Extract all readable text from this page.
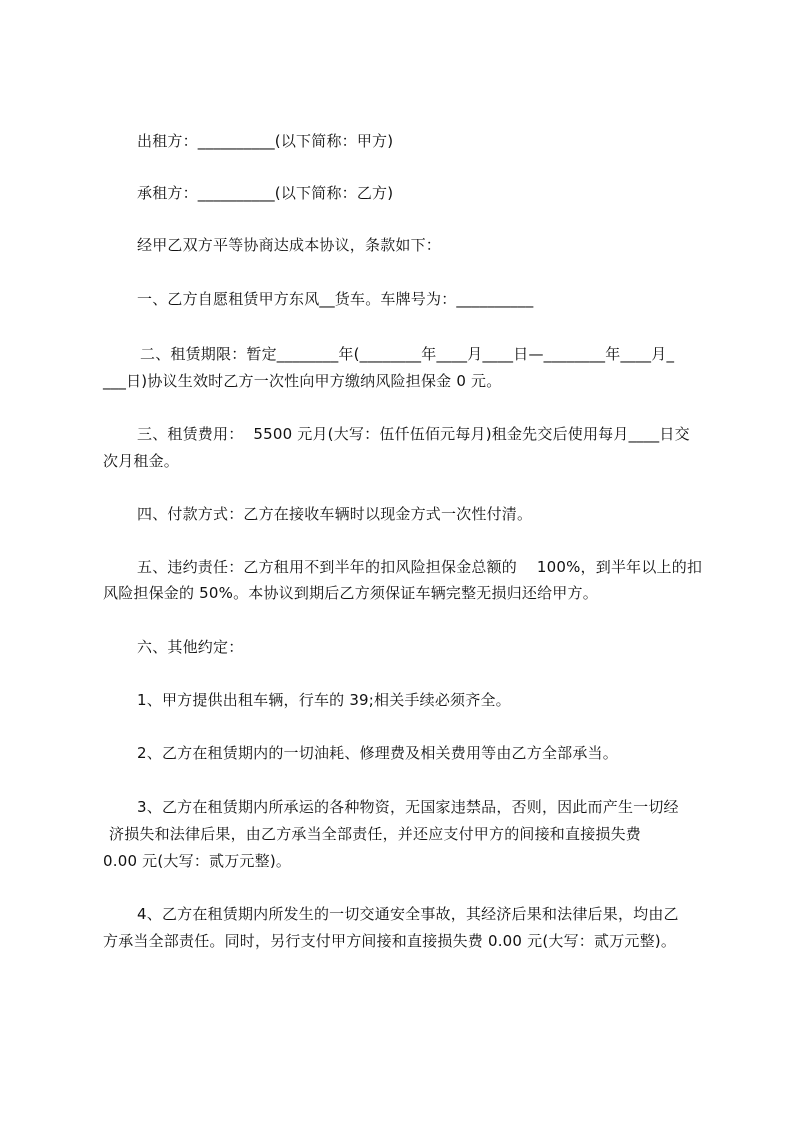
出租方：__________(以下简称：甲方)

承租方：__________(以下简称：乙方)

经甲乙双方平等协商达成本协议，条款如下：

一、乙方自愿租赁甲方东风__货车。车牌号为：__________

二、租赁期限：暂定________年(________年____月____日—________年____月_

___日)协议生效时乙方一次性向甲方缴纳风险担保金 0 元。

三、租赁费用：  5500 元月(大写：伍仟伍佰元每月)租金先交后使用每月____日交

次月租金。

四、付款方式：乙方在接收车辆时以现金方式一次性付清。

五、违约责任：乙方租用不到半年的扣风险担保金总额的    100%，到半年以上的扣

风险担保金的 50%。本协议到期后乙方须保证车辆完整无损归还给甲方。

六、其他约定：

1、甲方提供出租车辆，行车的 39;相关手续必须齐全。

2、乙方在租赁期内的一切油耗、修理费及相关费用等由乙方全部承当。

3、乙方在租赁期内所承运的各种物资，无国家违禁品，否则，因此而产生一切经

济损失和法律后果，由乙方承当全部责任，并还应支付甲方的间接和直接损失费

0.00 元(大写：贰万元整)。

4、乙方在租赁期内所发生的一切交通安全事故，其经济后果和法律后果，均由乙

方承当全部责任。同时，另行支付甲方间接和直接损失费 0.00 元(大写：贰万元整)。
